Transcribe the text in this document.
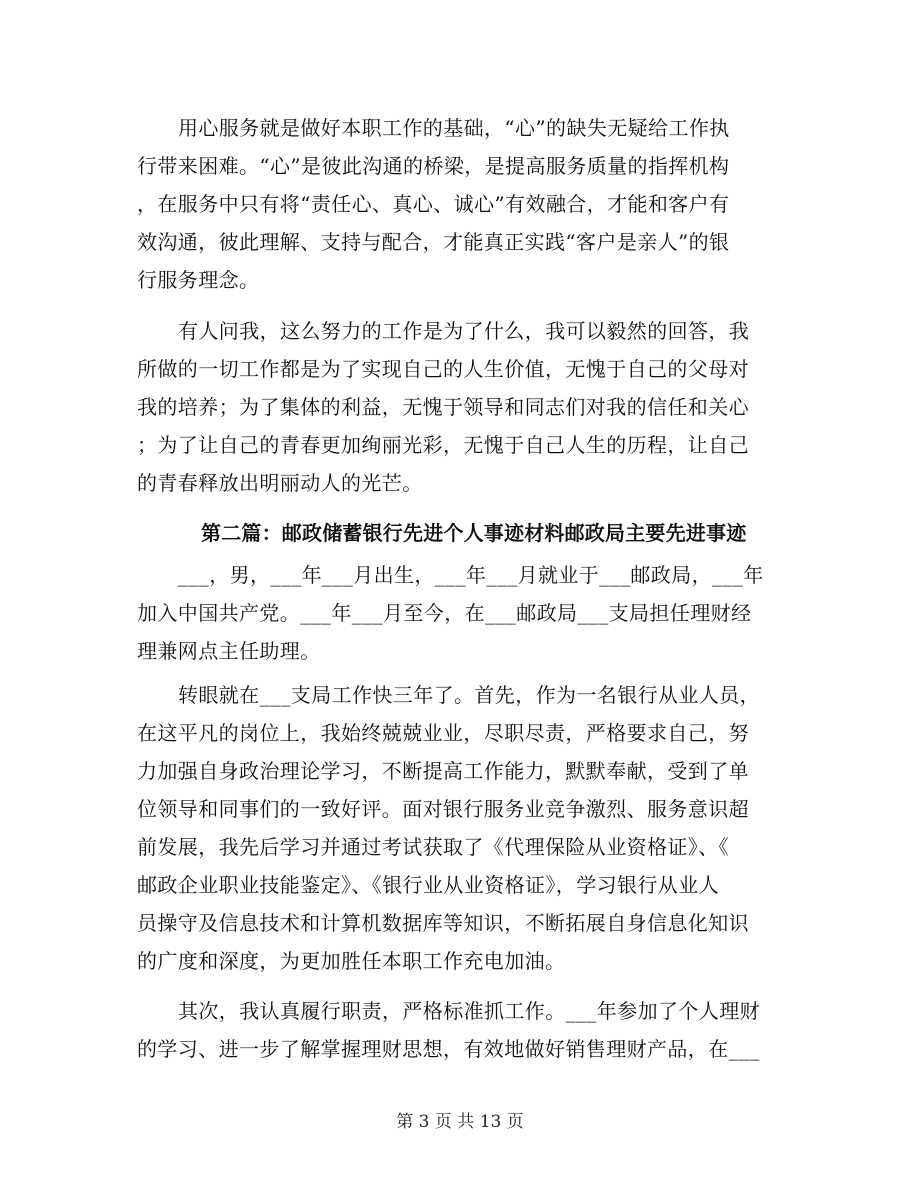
用心服务就是做好本职工作的基础，“心”的缺失无疑给工作执
行带来困难。“心”是彼此沟通的桥梁，是提高服务质量的指挥机构
，在服务中只有将“责任心、真心、诚心”有效融合，才能和客户有
效沟通，彼此理解、支持与配合，才能真正实践“客户是亲人”的银
行服务理念。
有人问我，这么努力的工作是为了什么，我可以毅然的回答，我
所做的一切工作都是为了实现自己的人生价值，无愧于自己的父母对
我的培养；为了集体的利益，无愧于领导和同志们对我的信任和关心
；为了让自己的青春更加绚丽光彩，无愧于自己人生的历程，让自己
的青春释放出明丽动人的光芒。
第二篇：邮政储蓄银行先进个人事迹材料邮政局主要先进事迹
___，男，___年___月出生，___年___月就业于___邮政局，___年
加入中国共产党。___年___月至今，在___邮政局___支局担任理财经
理兼网点主任助理。
转眼就在___支局工作快三年了。首先，作为一名银行从业人员，
在这平凡的岗位上，我始终兢兢业业，尽职尽责，严格要求自己，努
力加强自身政治理论学习，不断提高工作能力，默默奉献，受到了单
位领导和同事们的一致好评。面对银行服务业竞争激烈、服务意识超
前发展，我先后学习并通过考试获取了《代理保险从业资格证》、《
邮政企业职业技能鉴定》、《银行业从业资格证》，学习银行从业人
员操守及信息技术和计算机数据库等知识，不断拓展自身信息化知识
的广度和深度，为更加胜任本职工作充电加油。
其次，我认真履行职责，严格标准抓工作。___年参加了个人理财
的学习、进一步了解掌握理财思想，有效地做好销售理财产品，在___
第 3 页 共 13 页
